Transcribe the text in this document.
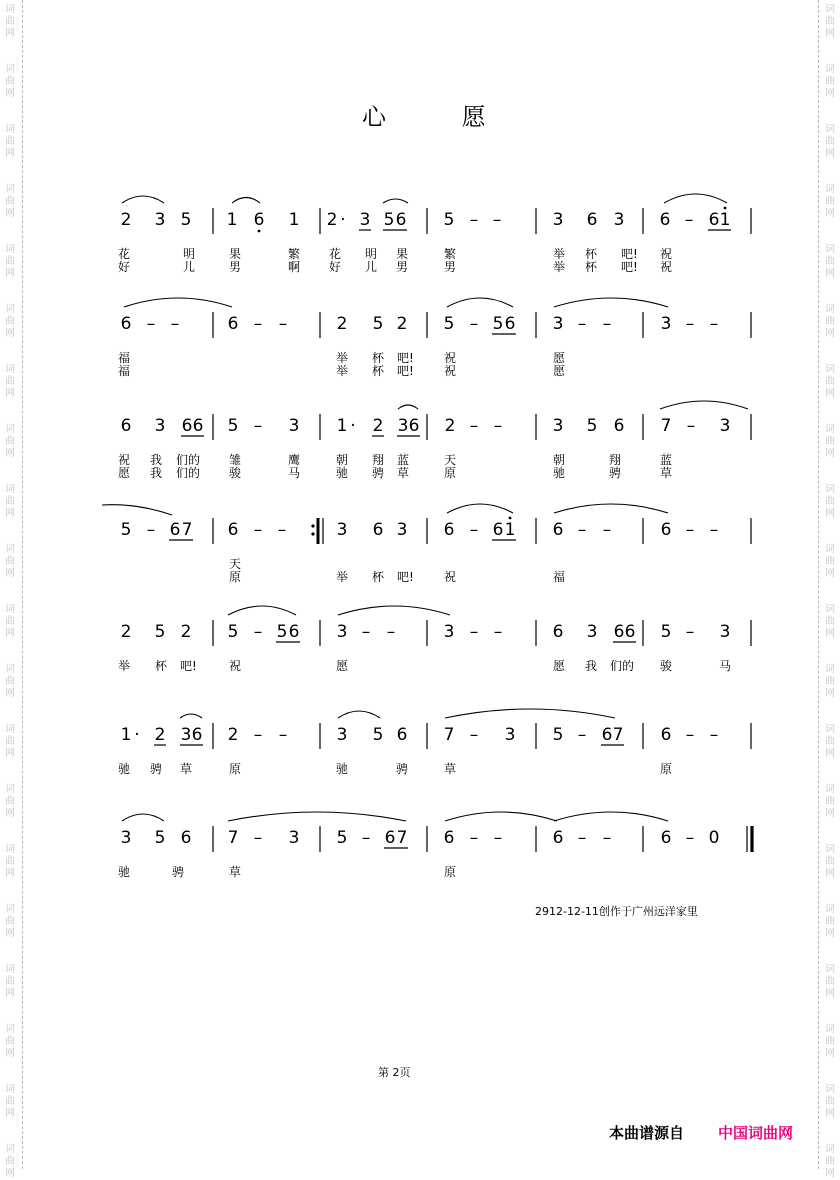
词曲网
词曲网
词曲网
词曲网
词曲网
词曲网
词曲网
词曲网
词曲网
词曲网
词曲网
词曲网
词曲网
词曲网
词曲网
词曲网
词曲网
词曲网
词曲网
词曲网
词曲网
词曲网
词曲网
词曲网
词曲网
词曲网
词曲网
词曲网
词曲网
词曲网
词曲网
词曲网
词曲网
词曲网
词曲网
词曲网
词曲网
词曲网
词曲网
词曲网
心 愿
2 3 5
花	明
好	儿
1 6 1
果	繁
男	啊
2 · 3 5 6
花 明 果
好 儿 男
5 – –
繁
男
3 6 3
举 杯 吧!
举 杯 吧!
6 – 6 1
祝
祝
6 – –
福
福
6 – –	2 5 2
举 杯 吧!
举 杯 吧!
5 – 5 6
祝
祝
3 – –
愿
愿
3 – –
6 3 6 6
祝 我 们的
愿 我 们的
5 – 3
雏	鹰
骏	马
1 · 2 3 6
朝 翔 蓝
驰 骋 草
2 – –
天
原
3 5 6
朝	翔
驰	骋
7 – 3
蓝
草
5 – 6 7 6 – –
天
原
3 6 3
举 杯 吧!
6 – 6 1
祝
6 – –
福
6 – –
2 5 2
举 杯 吧!
5 – 5 6
祝
3 – –
愿
3 – –	6 3 6 6
愿 我 们的
5 – 3
骏	马
1 · 2 3 6
驰 骋 草
2 – –
原
3 5 6
驰	骋
7 – 3
草
5 – 6 7 6 – –
原
3 5 6
驰	骋
7 – 3
草
5 – 6 7 6 – –
原
6 – –	6 – 0
2912-12-11创作于广州远洋家里
第 2页
本曲谱源自 中国词曲网
